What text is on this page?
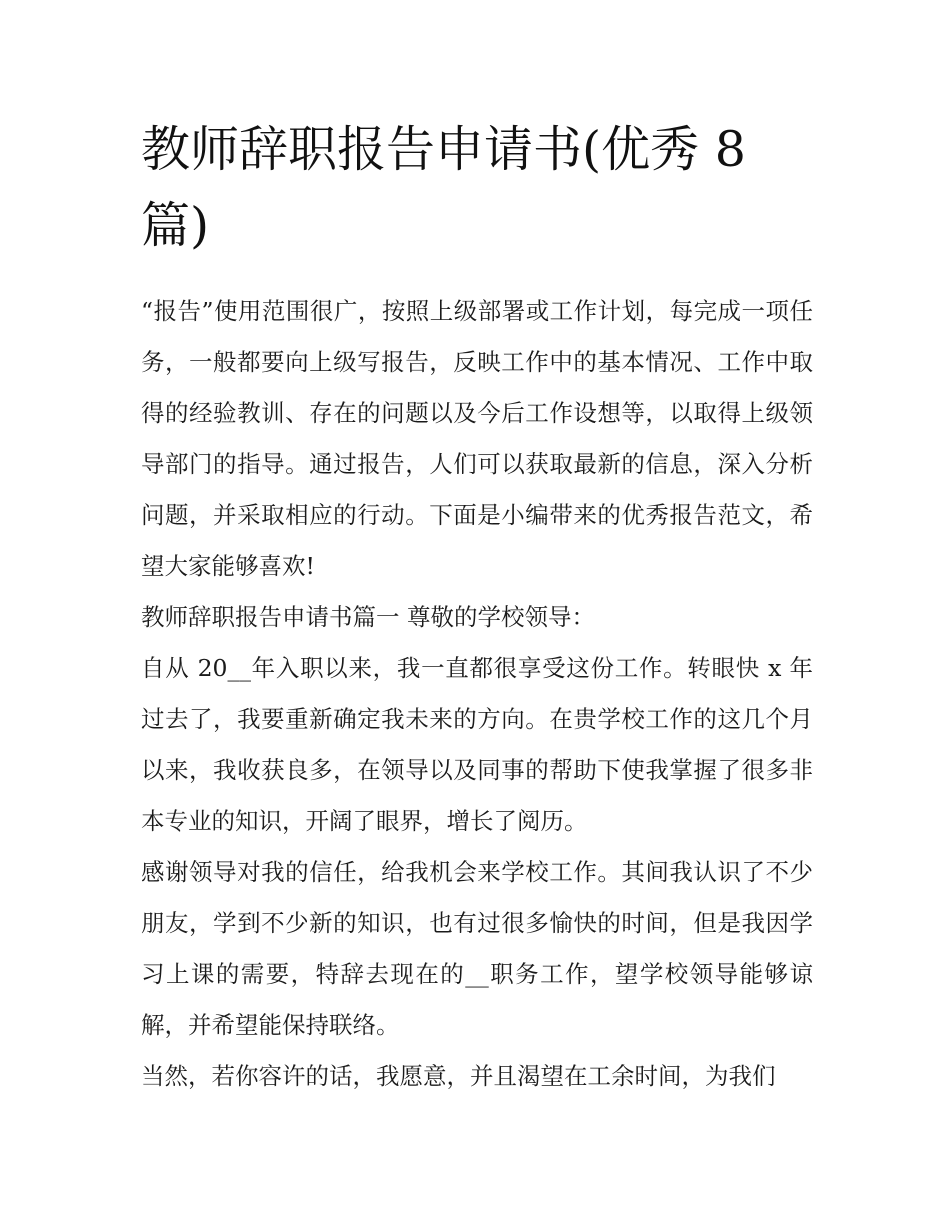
教师辞职报告申请书(优秀 8 篇)

“报告”使用范围很广，按照上级部署或工作计划，每完成一项任务，一般都要向上级写报告，反映工作中的基本情况、工作中取得的经验教训、存在的问题以及今后工作设想等，以取得上级领导部门的指导。通过报告，人们可以获取最新的信息，深入分析问题，并采取相应的行动。下面是小编带来的优秀报告范文，希望大家能够喜欢!

教师辞职报告申请书篇一 尊敬的学校领导：

自从 20__年入职以来，我一直都很享受这份工作。转眼快 x 年过去了，我要重新确定我未来的方向。在贵学校工作的这几个月以来，我收获良多，在领导以及同事的帮助下使我掌握了很多非本专业的知识，开阔了眼界，增长了阅历。

感谢领导对我的信任，给我机会来学校工作。其间我认识了不少朋友，学到不少新的知识，也有过很多愉快的时间，但是我因学习上课的需要，特辞去现在的__职务工作，望学校领导能够谅解，并希望能保持联络。

当然，若你容许的话，我愿意，并且渴望在工余时间，为我们
